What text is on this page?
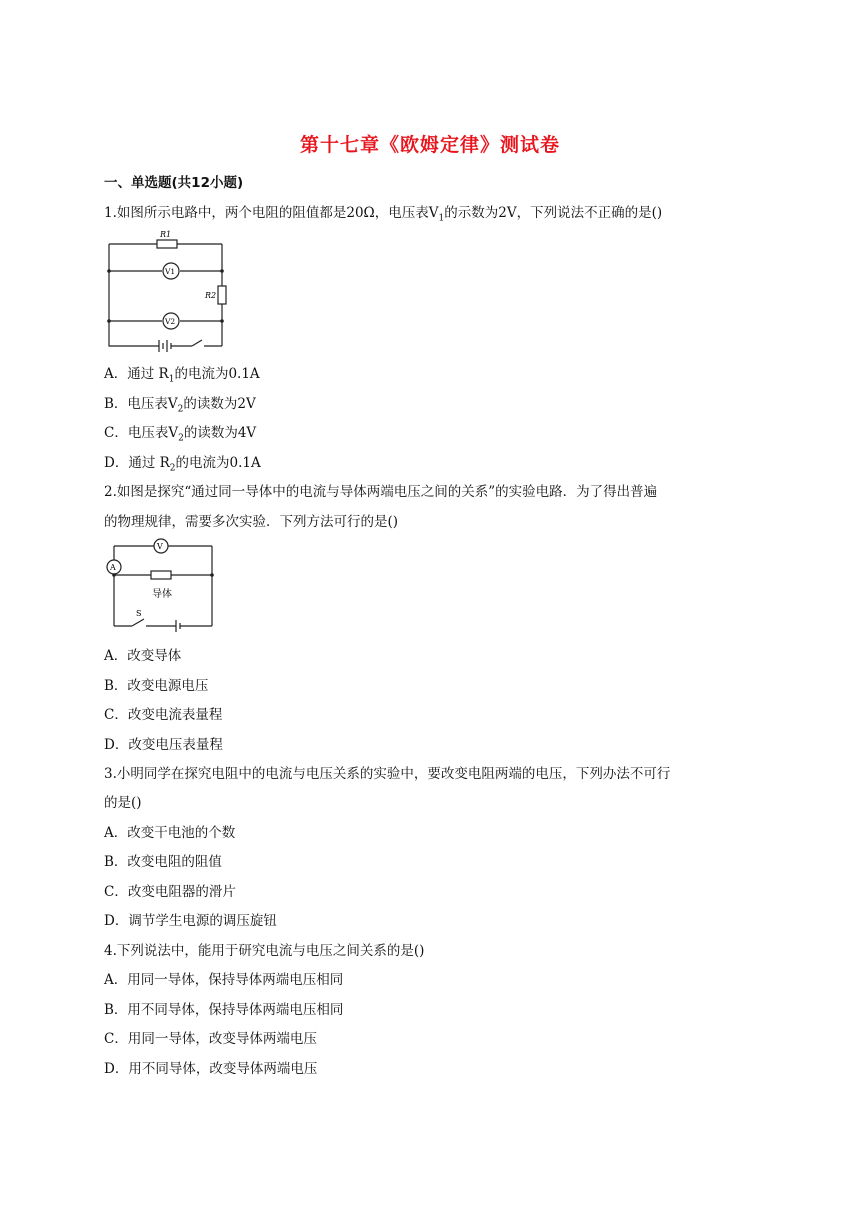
第十七章《欧姆定律》测试卷
一、单选题(共12小题)
1.如图所示电路中，两个电阻的阻值都是20Ω，电压表$V_1$的示数为2V，下列说法不正确的是()
R1
R2
V1
V2
A．通过 $R_1$的电流为0.1A
B．电压表$V_2$的读数为2V
C．电压表$V_2$的读数为4V
D．通过 $R_2$的电流为0.1A
2.如图是探究“通过同一导体中的电流与导体两端电压之间的关系”的实验电路．为了得出普遍
的物理规律，需要多次实验．下列方法可行的是()
V
A
导体
S
A．改变导体
B．改变电源电压
C．改变电流表量程
D．改变电压表量程
3.小明同学在探究电阻中的电流与电压关系的实验中，要改变电阻两端的电压，下列办法不可行
的是()
A．改变干电池的个数
B．改变电阻的阻值
C．改变电阻器的滑片
D．调节学生电源的调压旋钮
4.下列说法中，能用于研究电流与电压之间关系的是()
A．用同一导体，保持导体两端电压相同
B．用不同导体，保持导体两端电压相同
C．用同一导体，改变导体两端电压
D．用不同导体，改变导体两端电压
